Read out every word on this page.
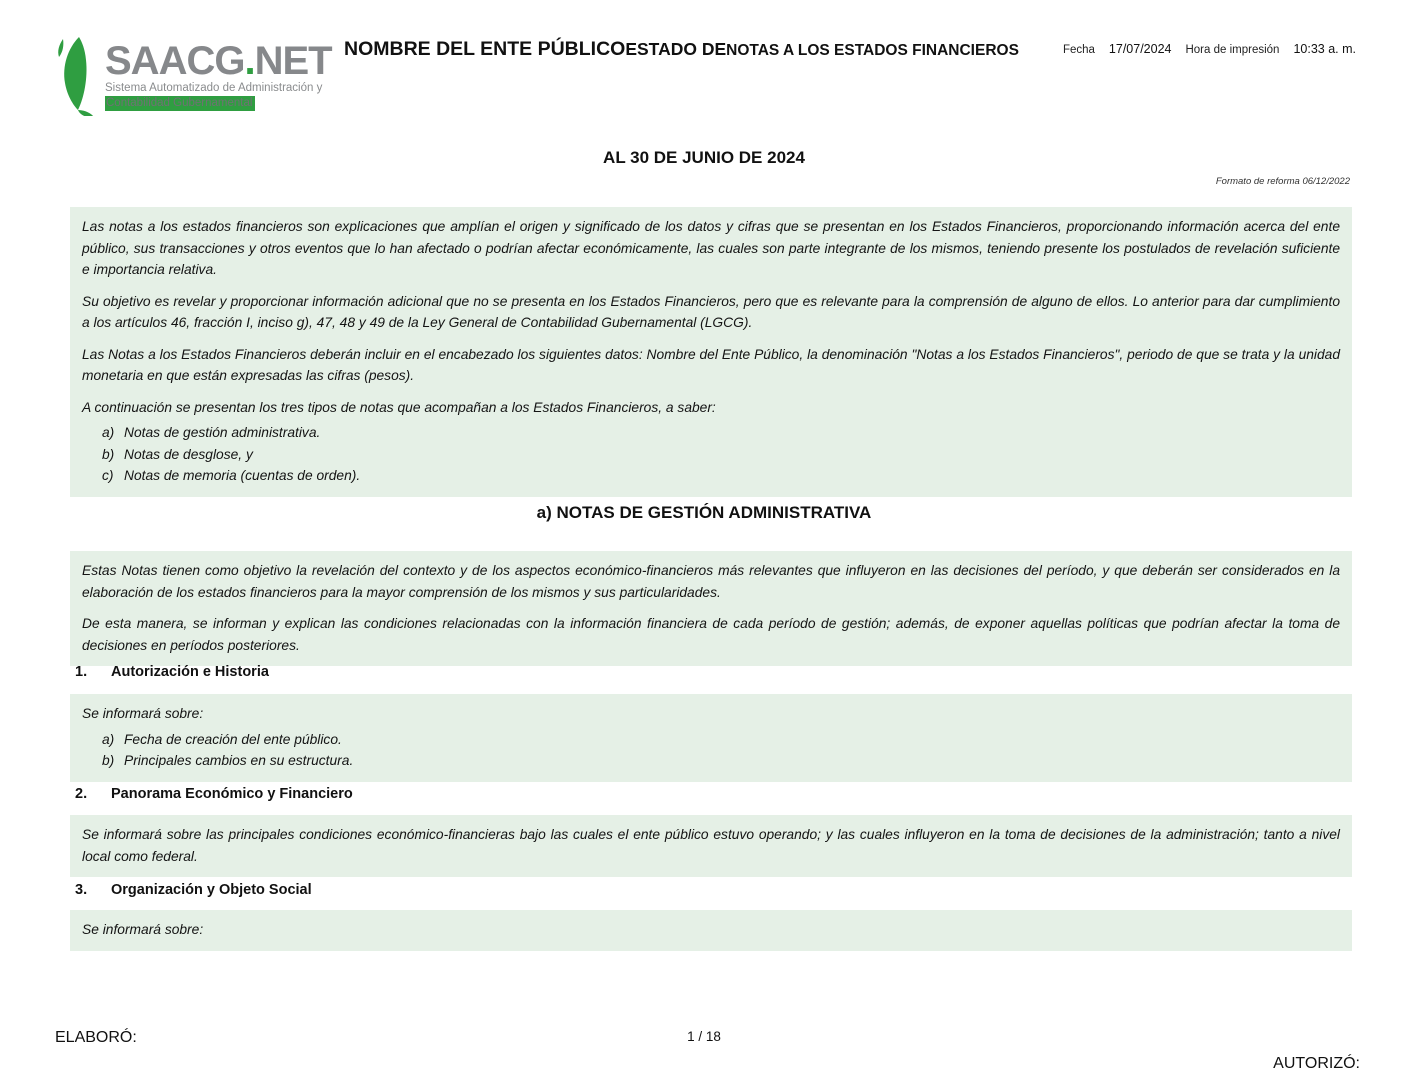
SAACG.NET
Sistema Automatizado de Administración y
Contabilidad Gubernamental
NOMBRE DEL ENTE PÚBLICO ESTADO DE NOTAS A LOS ESTADOS FINANCIEROS	Fecha 17/07/2024 Hora de impresión 10:33 a. m.
AL 30 DE JUNIO DE 2024
Formato de reforma 06/12/2022

Las notas a los estados financieros son explicaciones que amplían el origen y significado de los datos y cifras que se presentan en los Estados Financieros, proporcionando información acerca del ente público, sus transacciones y otros eventos que lo han afectado o podrían afectar económicamente, las cuales son parte integrante de los mismos, teniendo presente los postulados de revelación suficiente e importancia relativa.

Su objetivo es revelar y proporcionar información adicional que no se presenta en los Estados Financieros, pero que es relevante para la comprensión de alguno de ellos. Lo anterior para dar cumplimiento a los artículos 46, fracción I, inciso g), 47, 48 y 49 de la Ley General de Contabilidad Gubernamental (LGCG).

Las Notas a los Estados Financieros deberán incluir en el encabezado los siguientes datos: Nombre del Ente Público, la denominación "Notas a los Estados Financieros", periodo de que se trata y la unidad monetaria en que están expresadas las cifras (pesos).

A continuación se presentan los tres tipos de notas que acompañan a los Estados Financieros, a saber:

a) Notas de gestión administrativa.
b) Notas de desglose, y
c) Notas de memoria (cuentas de orden).
a) NOTAS DE GESTIÓN ADMINISTRATIVA

Estas Notas tienen como objetivo la revelación del contexto y de los aspectos económico-financieros más relevantes que influyeron en las decisiones del período, y que deberán ser considerados en la elaboración de los estados financieros para la mayor comprensión de los mismos y sus particularidades.

De esta manera, se informan y explican las condiciones relacionadas con la información financiera de cada período de gestión; además, de exponer aquellas políticas que podrían afectar la toma de decisiones en períodos posteriores.

1.	Autorización e Historia

Se informará sobre:

a) Fecha de creación del ente público.
b) Principales cambios en su estructura.
2.	Panorama Económico y Financiero

Se informará sobre las principales condiciones económico-financieras bajo las cuales el ente público estuvo operando; y las cuales influyeron en la toma de decisiones de la administración; tanto a nivel local como federal.

3.	Organización y Objeto Social

Se informará sobre:

ELABORÓ:	1 / 18
AUTORIZÓ:
